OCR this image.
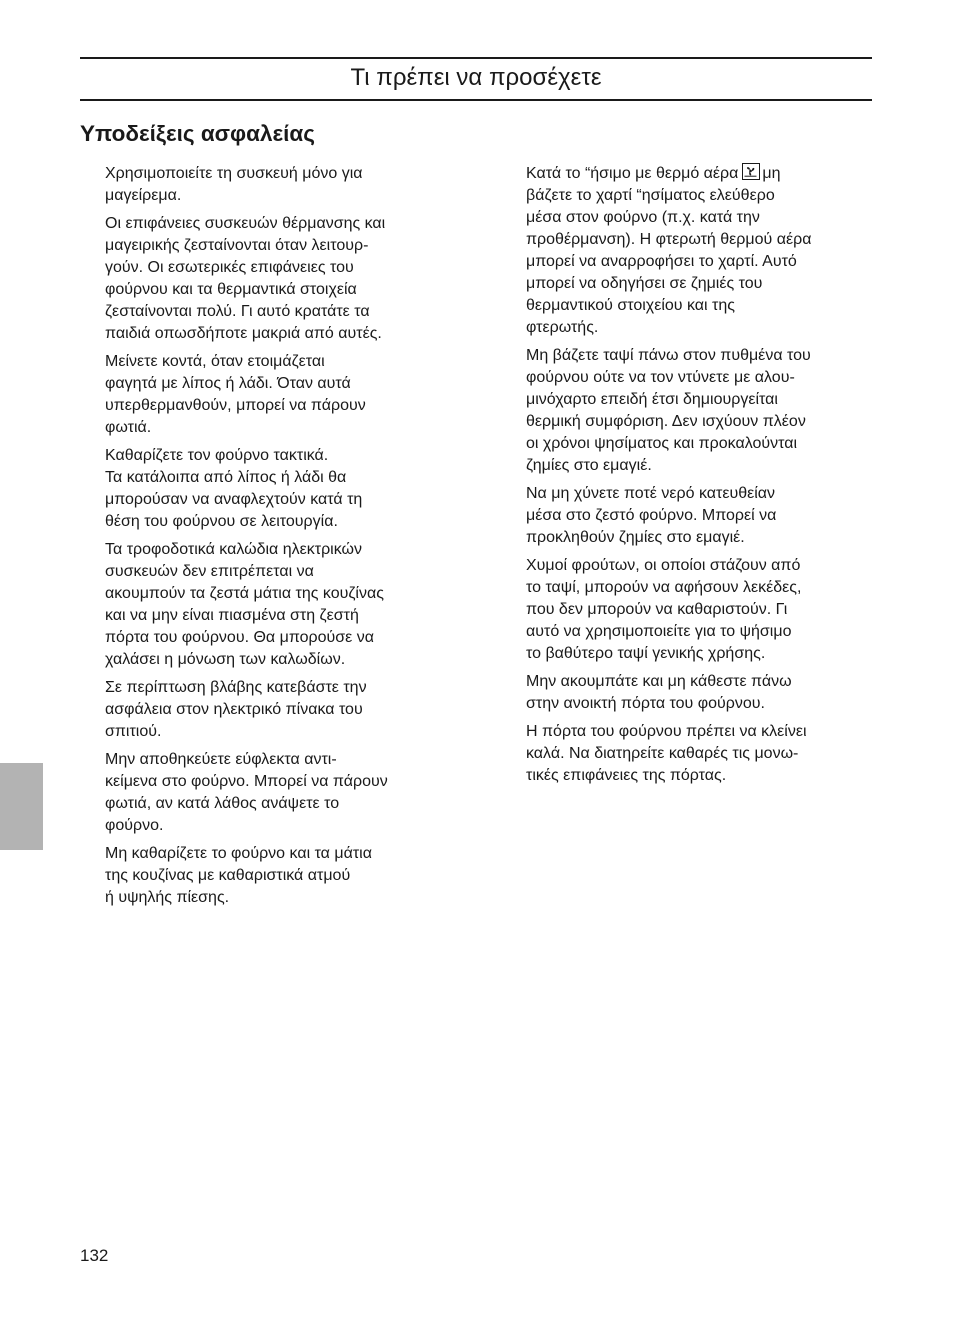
Τι πρέπει να προσέχετε
Υποδείξεις ασφαλείας

Χρησιμοποιείτε τη συσκευή μόνο για
μαγείρεμα.

Οι επιφάνειες συσκευών θέρμανσης και
μαγειρικής ζεσταίνονται όταν λειτουρ-
γούν. Οι εσωτερικές επιφάνειες του
φούρνου και τα θερμαντικά στοιχεία
ζεσταίνονται πολύ. Γι αυτό κρατάτε τα
παιδιά οπωσδήποτε μακριά από αυτές.

Μείνετε κοντά, όταν ετοιμάζεται
φαγητά με λίπος ή λάδι. Όταν αυτά
υπερθερμανθούν, μπορεί να πάρουν
φωτιά.

Καθαρίζετε τον φούρνο τακτικά.
Τα κατάλοιπα από λίπος ή λάδι θα
μπορούσαν να αναφλεχτούν κατά τη
θέση του φούρνου σε λειτουργία.

Τα τροφοδοτικά καλώδια ηλεκτρικών
συσκευών δεν επιτρέπεται να
ακουμπούν τα ζεστά μάτια της κουζίνας
και να μην είναι πιασμένα στη ζεστή
πόρτα του φούρνου. Θα μπορούσε να
χαλάσει η μόνωση των καλωδίων.

Σε περίπτωση βλάβης κατεβάστε την
ασφάλεια στον ηλεκτρικό πίνακα του
σπιτιού.

Μην αποθηκεύετε εύφλεκτα αντι-
κείμενα στο φούρνο. Μπορεί να πάρουν
φωτιά, αν κατά λάθος ανάψετε το
φούρνο.

Μη καθαρίζετε το φούρνο και τα μάτια
της κουζίνας με καθαριστικά ατμού
ή υψηλής πίεσης.

Κατά το “ήσιμο με θερμό αέρα μη
βάζετε το χαρτί “ησίματος ελεύθερο
μέσα στον φούρνο (π.χ. κατά την
προθέρμανση). Η φτερωτή θερμού αέρα
μπορεί να αναρροφήσει το χαρτί. Αυτό
μπορεί να οδηγήσει σε ζημιές του
θερμαντικού στοιχείου και της
φτερωτής.

Μη βάζετε ταψί πάνω στον πυθμένα του
φούρνου ούτε να τον ντύνετε με αλου-
μινόχαρτο επειδή έτσι δημιουργείται
θερμική συμφόριση. Δεν ισχύουν πλέον
οι χρόνοι ψησίματος και προκαλούνται
ζημίες στο εμαγιέ.

Να μη χύνετε ποτέ νερό κατευθείαν
μέσα στο ζεστό φούρνο. Μπορεί να
προκληθούν ζημίες στο εμαγιέ.

Χυμοί φρούτων, οι οποίοι στάζουν από
το ταψί, μπορούν να αφήσουν λεκέδες,
που δεν μπορούν να καθαριστούν. Γι
αυτό να χρησιμοποιείτε για το ψήσιμο
το βαθύτερο ταψί γενικής χρήσης.

Μην ακουμπάτε και μη κάθεστε πάνω
στην ανοικτή πόρτα του φούρνου.

Η πόρτα του φούρνου πρέπει να κλείνει
καλά. Να διατηρείτε καθαρές τις μονω-
τικές επιφάνειες της πόρτας.

132
